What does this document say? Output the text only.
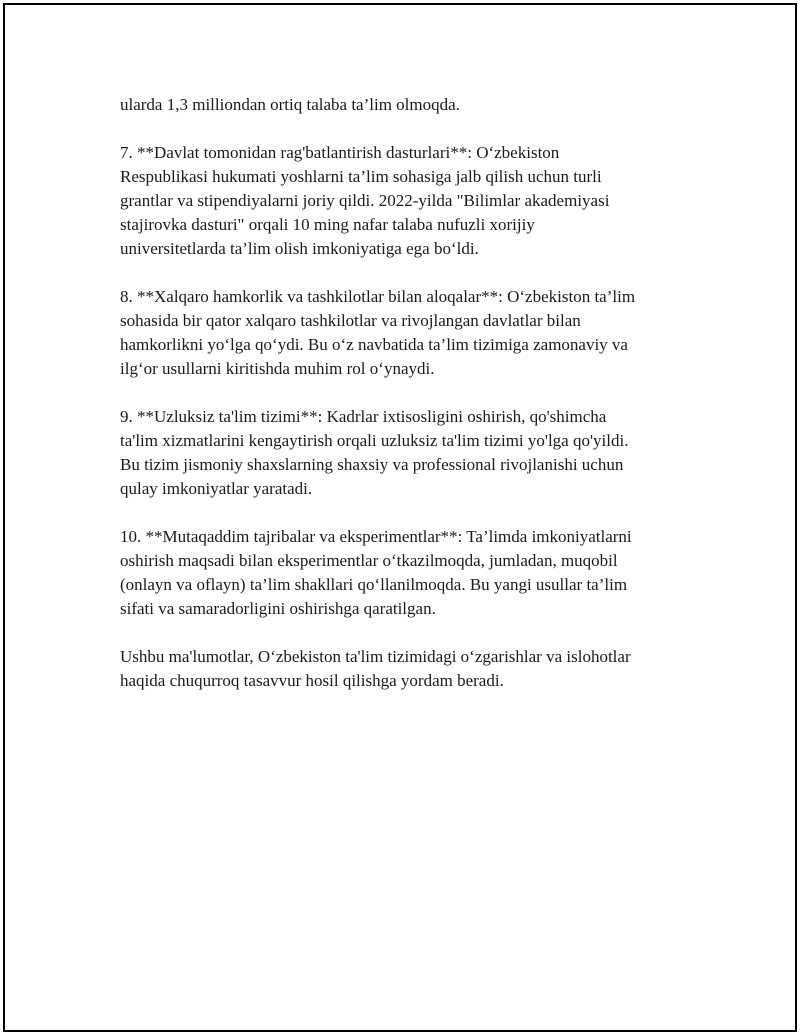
ularda 1,3 milliondan ortiq talaba ta’lim olmoqda.

7. **Davlat tomonidan rag'batlantirish dasturlari**: O‘zbekiston
Respublikasi hukumati yoshlarni ta’lim sohasiga jalb qilish uchun turli
grantlar va stipendiyalarni joriy qildi. 2022-yilda "Bilimlar akademiyasi
stajirovka dasturi" orqali 10 ming nafar talaba nufuzli xorijiy
universitetlarda ta’lim olish imkoniyatiga ega bo‘ldi.

8. **Xalqaro hamkorlik va tashkilotlar bilan aloqalar**: O‘zbekiston ta’lim
sohasida bir qator xalqaro tashkilotlar va rivojlangan davlatlar bilan
hamkorlikni yo‘lga qo‘ydi. Bu o‘z navbatida ta’lim tizimiga zamonaviy va
ilg‘or usullarni kiritishda muhim rol o‘ynaydi.

9. **Uzluksiz ta'lim tizimi**: Kadrlar ixtisosligini oshirish, qo'shimcha
ta'lim xizmatlarini kengaytirish orqali uzluksiz ta'lim tizimi yo'lga qo'yildi.
Bu tizim jismoniy shaxslarning shaxsiy va professional rivojlanishi uchun
qulay imkoniyatlar yaratadi.

10. **Mutaqaddim tajribalar va eksperimentlar**: Ta’limda imkoniyatlarni
oshirish maqsadi bilan eksperimentlar o‘tkazilmoqda, jumladan, muqobil
(onlayn va oflayn) ta’lim shakllari qo‘llanilmoqda. Bu yangi usullar ta’lim
sifati va samaradorligini oshirishga qaratilgan.

Ushbu ma'lumotlar, O‘zbekiston ta'lim tizimidagi o‘zgarishlar va islohotlar
haqida chuqurroq tasavvur hosil qilishga yordam beradi.
